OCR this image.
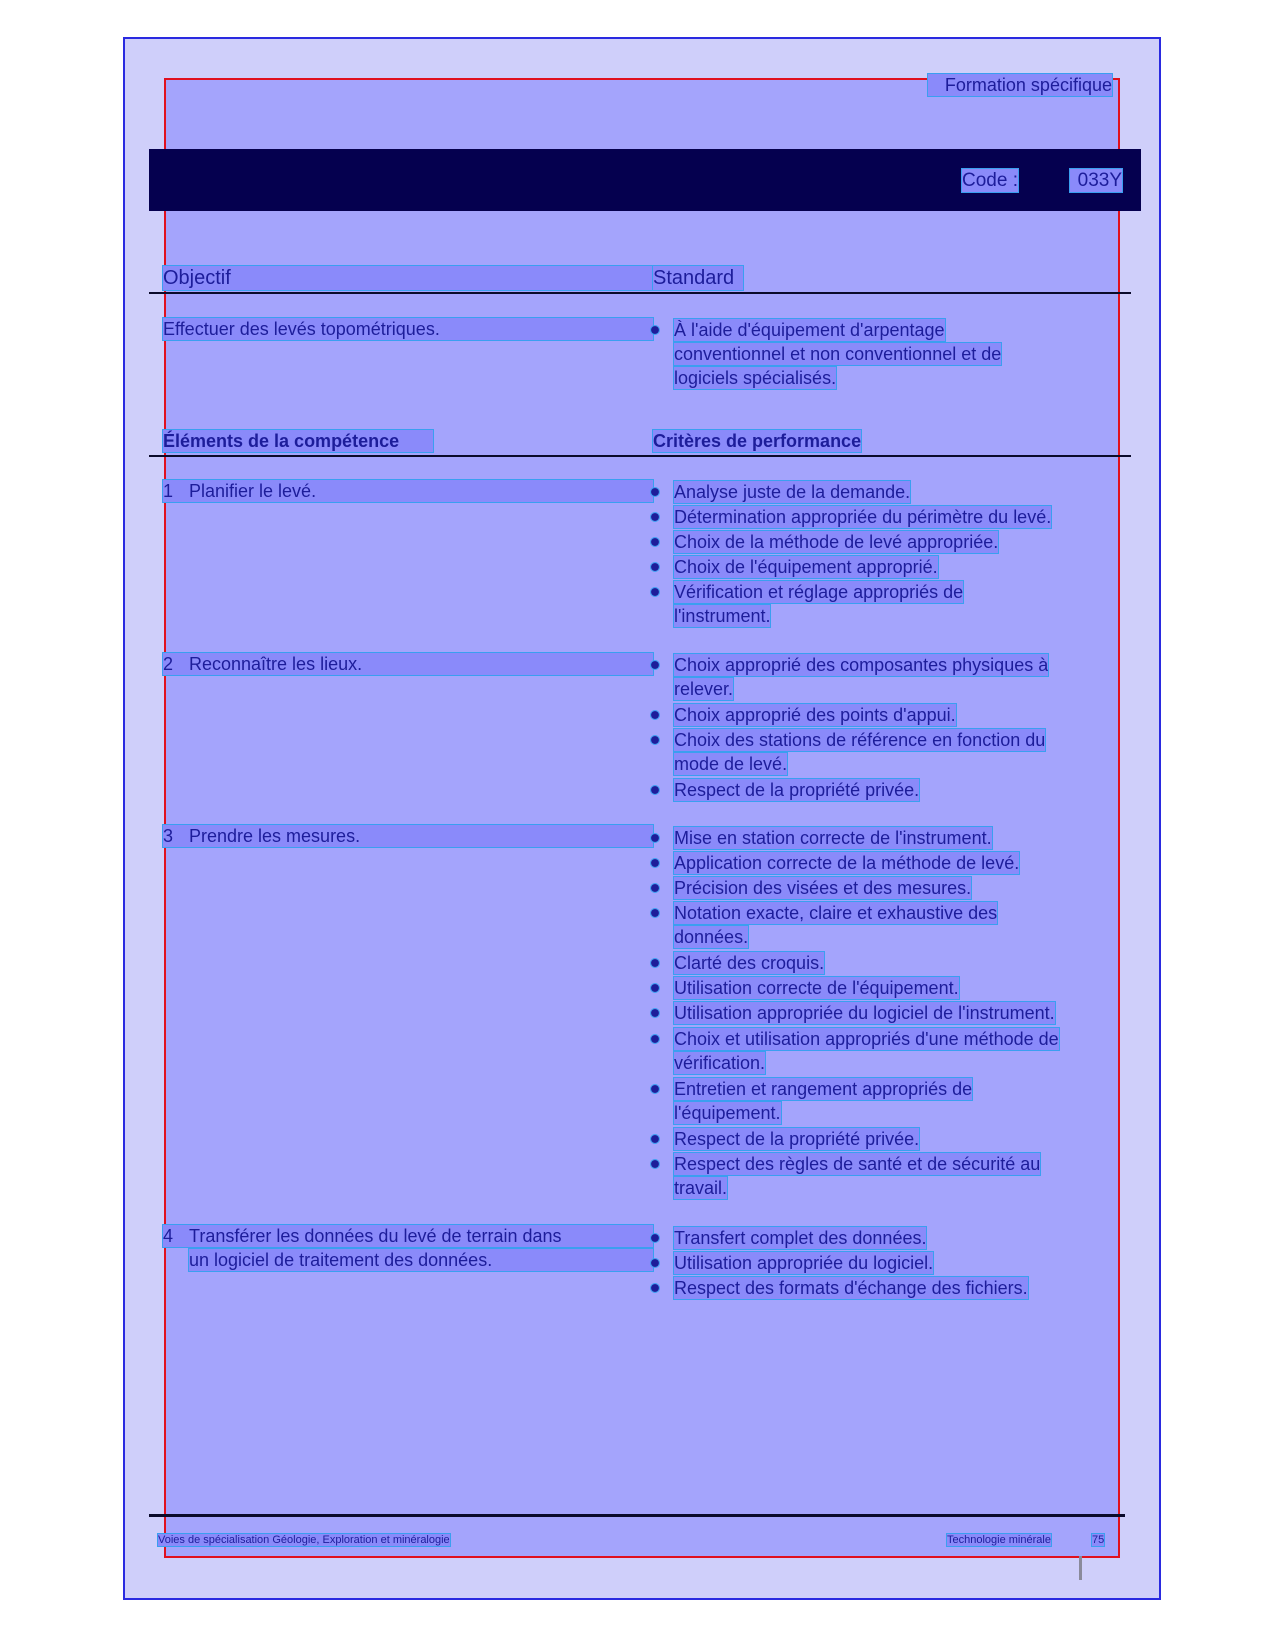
Formation spécifique
Code :	033Y
Objectif	Standard
Effectuer des levés topométriques.	À l'aide d'équipement d'arpentage
conventionnel et non conventionnel et de
logiciels spécialisés.
Éléments de la compétence	Critères de performance
1 Planifier le levé.	Analyse juste de la demande.
Détermination appropriée du périmètre du levé.
Choix de la méthode de levé appropriée.
Choix de l'équipement approprié.
Vérification et réglage appropriés de
l'instrument.
2 Reconnaître les lieux.	Choix approprié des composantes physiques à
relever.
Choix approprié des points d'appui.
Choix des stations de référence en fonction du
mode de levé.
Respect de la propriété privée.
3 Prendre les mesures.	Mise en station correcte de l'instrument.
Application correcte de la méthode de levé.
Précision des visées et des mesures.
Notation exacte, claire et exhaustive des
données.
Clarté des croquis.
Utilisation correcte de l'équipement.
Utilisation appropriée du logiciel de l'instrument.
Choix et utilisation appropriés d'une méthode de
vérification.
Entretien et rangement appropriés de
l'équipement.
Respect de la propriété privée.
Respect des règles de santé et de sécurité au
travail.
4 Transférer les données du levé de terrain dans
un logiciel de traitement des données.
Transfert complet des données.
Utilisation appropriée du logiciel.
Respect des formats d'échange des fichiers.
Voies de spécialisation Géologie, Exploration et minéralogie	Technologie minérale	75
